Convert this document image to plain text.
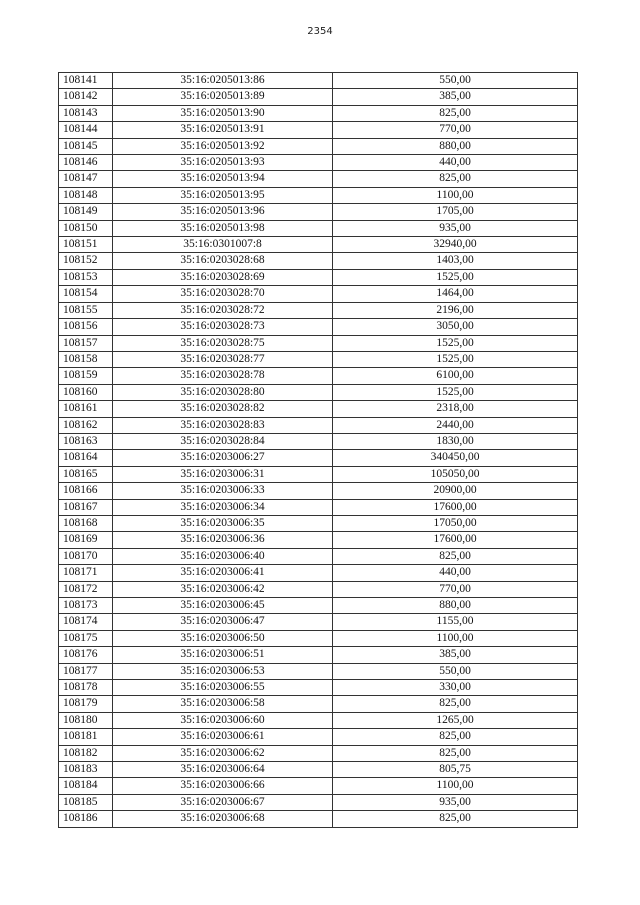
2354
108141	35:16:0205013:86	550,00
108142	35:16:0205013:89	385,00
108143	35:16:0205013:90	825,00
108144	35:16:0205013:91	770,00
108145	35:16:0205013:92	880,00
108146	35:16:0205013:93	440,00
108147	35:16:0205013:94	825,00
108148	35:16:0205013:95	1100,00
108149	35:16:0205013:96	1705,00
108150	35:16:0205013:98	935,00
108151	35:16:0301007:8	32940,00
108152	35:16:0203028:68	1403,00
108153	35:16:0203028:69	1525,00
108154	35:16:0203028:70	1464,00
108155	35:16:0203028:72	2196,00
108156	35:16:0203028:73	3050,00
108157	35:16:0203028:75	1525,00
108158	35:16:0203028:77	1525,00
108159	35:16:0203028:78	6100,00
108160	35:16:0203028:80	1525,00
108161	35:16:0203028:82	2318,00
108162	35:16:0203028:83	2440,00
108163	35:16:0203028:84	1830,00
108164	35:16:0203006:27	340450,00
108165	35:16:0203006:31	105050,00
108166	35:16:0203006:33	20900,00
108167	35:16:0203006:34	17600,00
108168	35:16:0203006:35	17050,00
108169	35:16:0203006:36	17600,00
108170	35:16:0203006:40	825,00
108171	35:16:0203006:41	440,00
108172	35:16:0203006:42	770,00
108173	35:16:0203006:45	880,00
108174	35:16:0203006:47	1155,00
108175	35:16:0203006:50	1100,00
108176	35:16:0203006:51	385,00
108177	35:16:0203006:53	550,00
108178	35:16:0203006:55	330,00
108179	35:16:0203006:58	825,00
108180	35:16:0203006:60	1265,00
108181	35:16:0203006:61	825,00
108182	35:16:0203006:62	825,00
108183	35:16:0203006:64	805,75
108184	35:16:0203006:66	1100,00
108185	35:16:0203006:67	935,00
108186	35:16:0203006:68	825,00
